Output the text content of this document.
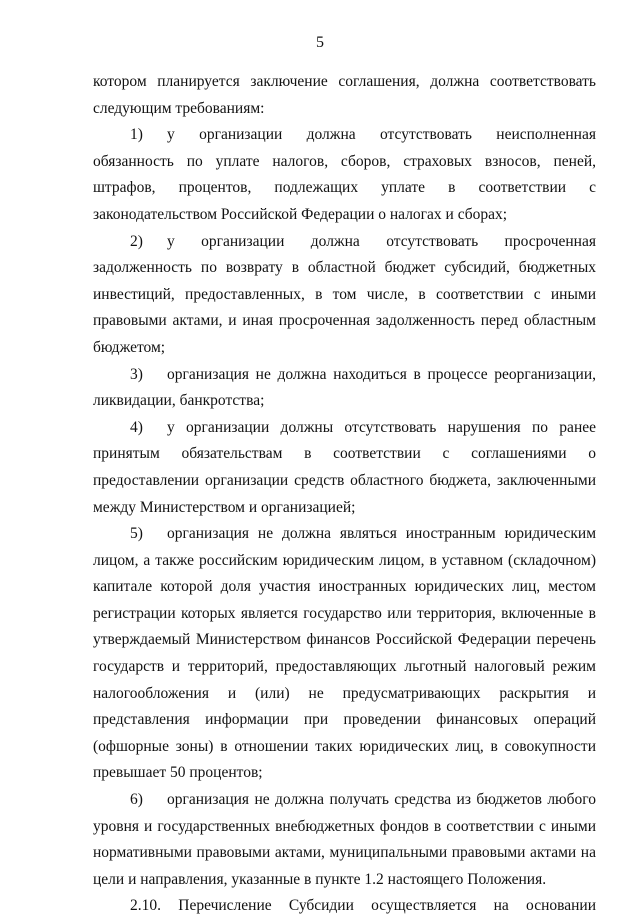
5

котором планируется заключение соглашения, должна соответствовать следующим требованиям:

1) у организации должна отсутствовать неисполненная обязанность по уплате налогов, сборов, страховых взносов, пеней, штрафов, процентов, подлежащих уплате в соответствии с законодательством Российской Федерации о налогах и сборах;

2) у организации должна отсутствовать просроченная задолженность по возврату в областной бюджет субсидий, бюджетных инвестиций, предоставленных, в том числе, в соответствии с иными правовыми актами, и иная просроченная задолженность перед областным бюджетом;

3) организация не должна находиться в процессе реорганизации, ликвидации, банкротства;

4) у организации должны отсутствовать нарушения по ранее принятым обязательствам в соответствии с соглашениями о предоставлении организации средств областного бюджета, заключенными между Министерством и организацией;

5) организация не должна являться иностранным юридическим лицом, а также российским юридическим лицом, в уставном (складочном) капитале которой доля участия иностранных юридических лиц, местом регистрации которых является государство или территория, включенные в утверждаемый Министерством финансов Российской Федерации перечень государств и территорий, предоставляющих льготный налоговый режим налогообложения и (или) не предусматривающих раскрытия и представления информации при проведении финансовых операций (офшорные зоны) в отношении таких юридических лиц, в совокупности превышает 50 процентов;

6) организация не должна получать средства из бюджетов любого уровня и государственных внебюджетных фондов в соответствии с иными нормативными правовыми актами, муниципальными правовыми актами на цели и направления, указанные в пункте 1.2 настоящего Положения.

2.10. Перечисление Субсидии осуществляется на основании
